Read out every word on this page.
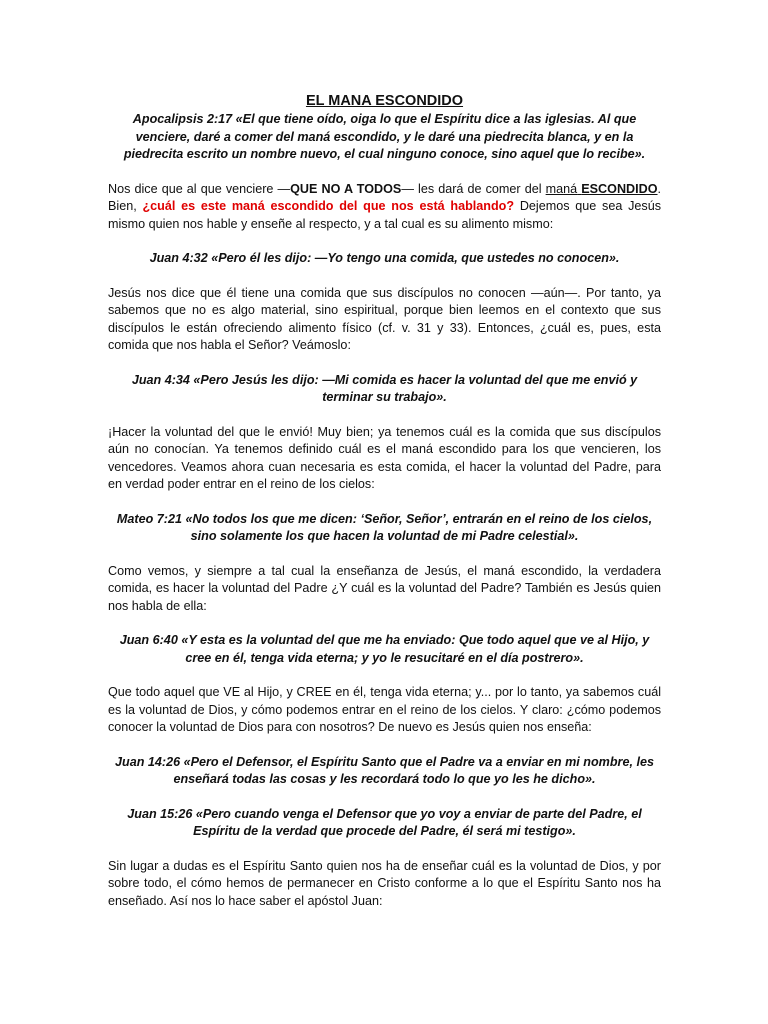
EL MANA ESCONDIDO

Apocalipsis 2:17 «El que tiene oído, oiga lo que el Espíritu dice a las iglesias. Al que venciere, daré a comer del maná escondido, y le daré una piedrecita blanca, y en la piedrecita escrito un nombre nuevo, el cual ninguno conoce, sino aquel que lo recibe».

Nos dice que al que venciere —QUE NO A TODOS— les dará de comer del maná ESCONDIDO. Bien, ¿cuál es este maná escondido del que nos está hablando? Dejemos que sea Jesús mismo quien nos hable y enseñe al respecto, y a tal cual es su alimento mismo:

Juan 4:32 «Pero él les dijo: —Yo tengo una comida, que ustedes no conocen».

Jesús nos dice que él tiene una comida que sus discípulos no conocen —aún—. Por tanto, ya sabemos que no es algo material, sino espiritual, porque bien leemos en el contexto que sus discípulos le están ofreciendo alimento físico (cf. v. 31 y 33). Entonces, ¿cuál es, pues, esta comida que nos habla el Señor? Veámoslo:

Juan 4:34 «Pero Jesús les dijo: —Mi comida es hacer la voluntad del que me envió y terminar su trabajo».

¡Hacer la voluntad del que le envió! Muy bien; ya tenemos cuál es la comida que sus discípulos aún no conocían. Ya tenemos definido cuál es el maná escondido para los que vencieren, los vencedores. Veamos ahora cuan necesaria es esta comida, el hacer la voluntad del Padre, para en verdad poder entrar en el reino de los cielos:

Mateo 7:21 «No todos los que me dicen: ‘Señor, Señor’, entrarán en el reino de los cielos, sino solamente los que hacen la voluntad de mi Padre celestial».

Como vemos, y siempre a tal cual la enseñanza de Jesús, el maná escondido, la verdadera comida, es hacer la voluntad del Padre ¿Y cuál es la voluntad del Padre? También es Jesús quien nos habla de ella:

Juan 6:40 «Y esta es la voluntad del que me ha enviado: Que todo aquel que ve al Hijo, y cree en él, tenga vida eterna; y yo le resucitaré en el día postrero».

Que todo aquel que VE al Hijo, y CREE en él, tenga vida eterna; y... por lo tanto, ya sabemos cuál es la voluntad de Dios, y cómo podemos entrar en el reino de los cielos. Y claro: ¿cómo podemos conocer la voluntad de Dios para con nosotros? De nuevo es Jesús quien nos enseña:

Juan 14:26 «Pero el Defensor, el Espíritu Santo que el Padre va a enviar en mi nombre, les enseñará todas las cosas y les recordará todo lo que yo les he dicho».

Juan 15:26 «Pero cuando venga el Defensor que yo voy a enviar de parte del Padre, el Espíritu de la verdad que procede del Padre, él será mi testigo».

Sin lugar a dudas es el Espíritu Santo quien nos ha de enseñar cuál es la voluntad de Dios, y por sobre todo, el cómo hemos de permanecer en Cristo conforme a lo que el Espíritu Santo nos ha enseñado. Así nos lo hace saber el apóstol Juan:
